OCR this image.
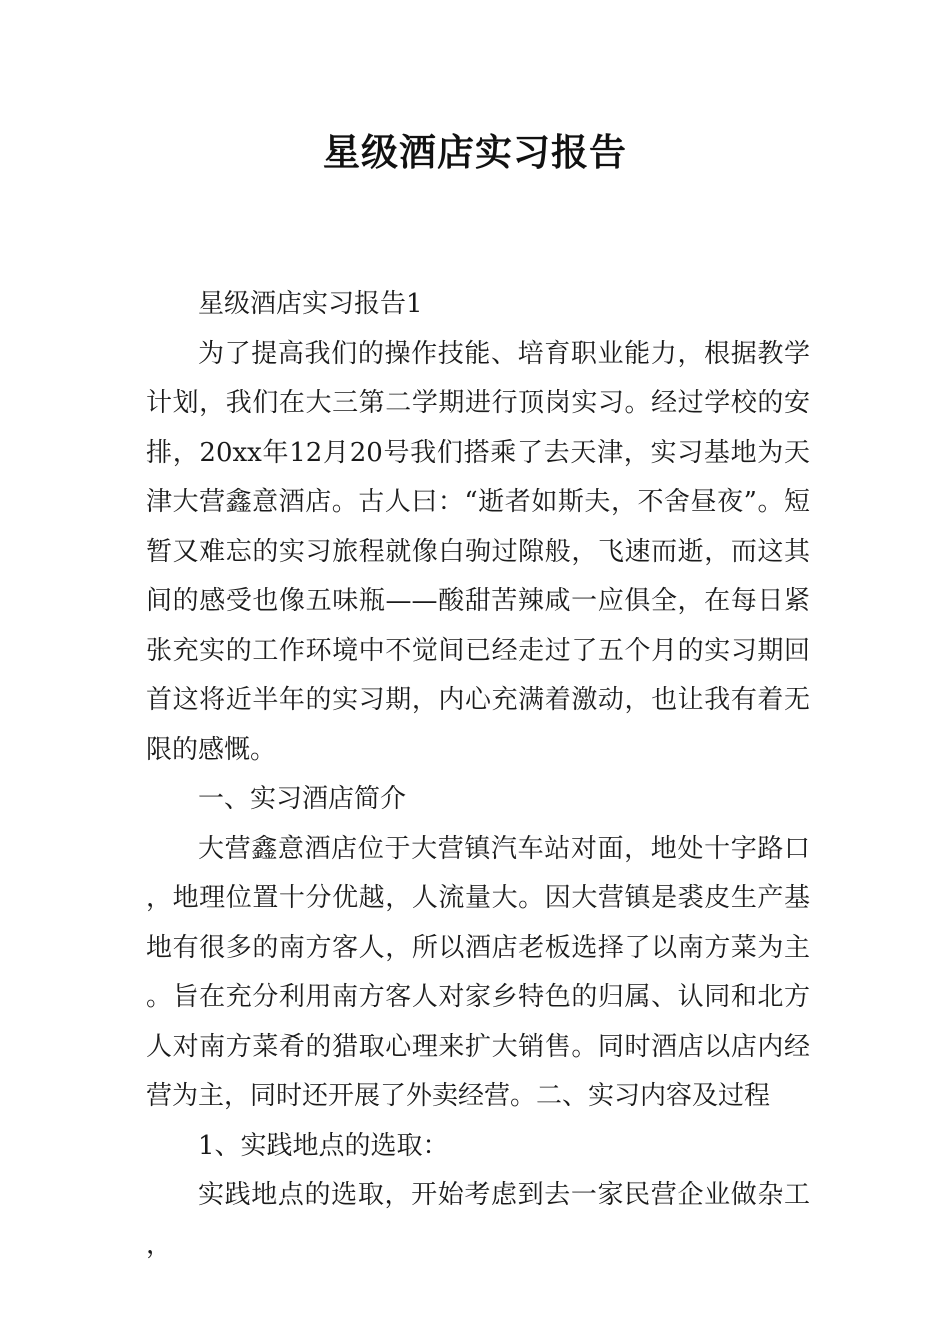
星级酒店实习报告

星级酒店实习报告1

为了提高我们的操作技能、培育职业能力，根据教学计划，我们在大三第二学期进行顶岗实习。经过学校的安排，20xx年12月20号我们搭乘了去天津，实习基地为天津大营鑫意酒店。古人曰：“逝者如斯夫，不舍昼夜”。短暂又难忘的实习旅程就像白驹过隙般，飞速而逝，而这其间的感受也像五味瓶——酸甜苦辣咸一应俱全，在每日紧张充实的工作环境中不觉间已经走过了五个月的实习期回首这将近半年的实习期，内心充满着激动，也让我有着无限的感慨。

一、实习酒店简介

大营鑫意酒店位于大营镇汽车站对面，地处十字路口，地理位置十分优越，人流量大。因大营镇是裘皮生产基地有很多的南方客人，所以酒店老板选择了以南方菜为主。旨在充分利用南方客人对家乡特色的归属、认同和北方人对南方菜肴的猎取心理来扩大销售。同时酒店以店内经营为主，同时还开展了外卖经营。二、实习内容及过程

1、实践地点的选取：

实践地点的选取，开始考虑到去一家民营企业做杂工，
